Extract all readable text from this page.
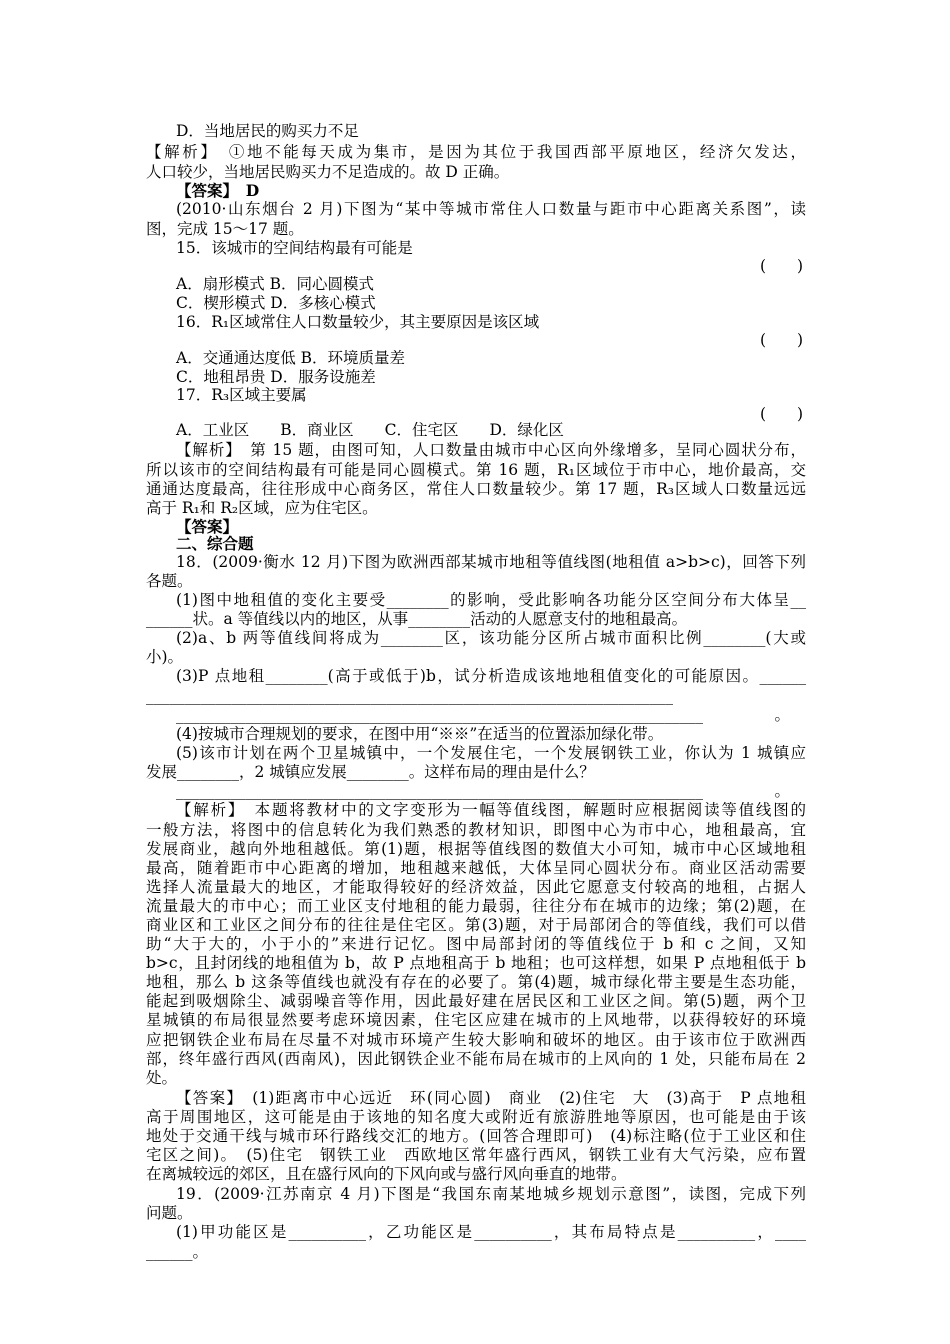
D．当地居民的购买力不足
【解析】　①地不能每天成为集市，是因为其位于我国西部平原地区，经济欠发达，
人口较少，当地居民购买力不足造成的。故 D 正确。
【答案】　D
(2010·山东烟台 2 月)下图为“某中等城市常住人口数量与距市中心距离关系图”，读
图，完成 15～17 题。
15．该城市的空间结构最有可能是
(　　)
A．扇形模式 B．同心圆模式
C．楔形模式 D．多核心模式
16．R₁区域常住人口数量较少，其主要原因是该区域
(　　)
A．交通通达度低 B．环境质量差
C．地租昂贵 D．服务设施差
17．R₃区域主要属
(　　)
A．工业区　　B．商业区　　C．住宅区　　D．绿化区
【解析】　第 15 题，由图可知，人口数量由城市中心区向外缘增多，呈同心圆状分布，
所以该市的空间结构最有可能是同心圆模式。第 16 题，R₁区域位于市中心，地价最高，交
通通达度最高，往往形成中心商务区，常住人口数量较少。第 17 题，R₃区域人口数量远远
高于 R₁和 R₂区域，应为住宅区。
【答案】
二、综合题
18．(2009·衡水 12 月)下图为欧洲西部某城市地租等值线图(地租值 a>b>c)，回答下列
各题。
(1)图中地租值的变化主要受________的影响，受此影响各功能分区空间分布大体呈__
______状。a 等值线以内的地区，从事________活动的人愿意支付的地租最高。
(2)a、b 两等值线间将成为________区，该功能分区所占城市面积比例________(大或
小)。
(3)P 点地租________(高于或低于)b，试分析造成该地地租值变化的可能原因。______
____________________________________________________________________
____________________________________________________________________。
(4)按城市合理规划的要求，在图中用“※※”在适当的位置添加绿化带。
(5)该市计划在两个卫星城镇中，一个发展住宅，一个发展钢铁工业，你认为 1 城镇应
发展________，2 城镇应发展________。这样布局的理由是什么？
____________________________________________________________________。
【解析】　本题将教材中的文字变形为一幅等值线图，解题时应根据阅读等值线图的
一般方法，将图中的信息转化为我们熟悉的教材知识，即图中心为市中心，地租最高，宜
发展商业，越向外地租越低。第(1)题，根据等值线图的数值大小可知，城市中心区域地租
最高，随着距市中心距离的增加，地租越来越低，大体呈同心圆状分布。商业区活动需要
选择人流量最大的地区，才能取得较好的经济效益，因此它愿意支付较高的地租，占据人
流量最大的市中心；而工业区支付地租的能力最弱，往往分布在城市的边缘；第(2)题，在
商业区和工业区之间分布的往往是住宅区。第(3)题，对于局部闭合的等值线，我们可以借
助“大于大的，小于小的”来进行记忆。图中局部封闭的等值线位于 b 和 c 之间，又知
b>c，且封闭线的地租值为 b，故 P 点地租高于 b 地租；也可这样想，如果 P 点地租低于 b
地租，那么 b 这条等值线也就没有存在的必要了。第(4)题，城市绿化带主要是生态功能，
能起到吸烟除尘、减弱噪音等作用，因此最好建在居民区和工业区之间。第(5)题，两个卫
星城镇的布局很显然要考虑环境因素，住宅区应建在城市的上风地带，以获得较好的环境
应把钢铁企业布局在尽量不对城市环境产生较大影响和破坏的地区。由于该市位于欧洲西
部，终年盛行西风(西南风)，因此钢铁企业不能布局在城市的上风向的 1 处，只能布局在 2
处。
【答案】　(1)距离市中心远近　环(同心圆)　商业　(2)住宅　大　(3)高于　P 点地租
高于周围地区，这可能是由于该地的知名度大或附近有旅游胜地等原因，也可能是由于该
地处于交通干线与城市环行路线交汇的地方。(回答合理即可)　(4)标注略(位于工业区和住
宅区之间)。　(5)住宅　钢铁工业　西欧地区常年盛行西风，钢铁工业有大气污染，应布置
在离城较远的郊区，且在盛行风向的下风向或与盛行风向垂直的地带。
19．(2009·江苏南京 4 月)下图是“我国东南某地城乡规划示意图”，读图，完成下列
问题。
(1)甲功能区是__________，乙功能区是__________，其布局特点是__________，____
______。
